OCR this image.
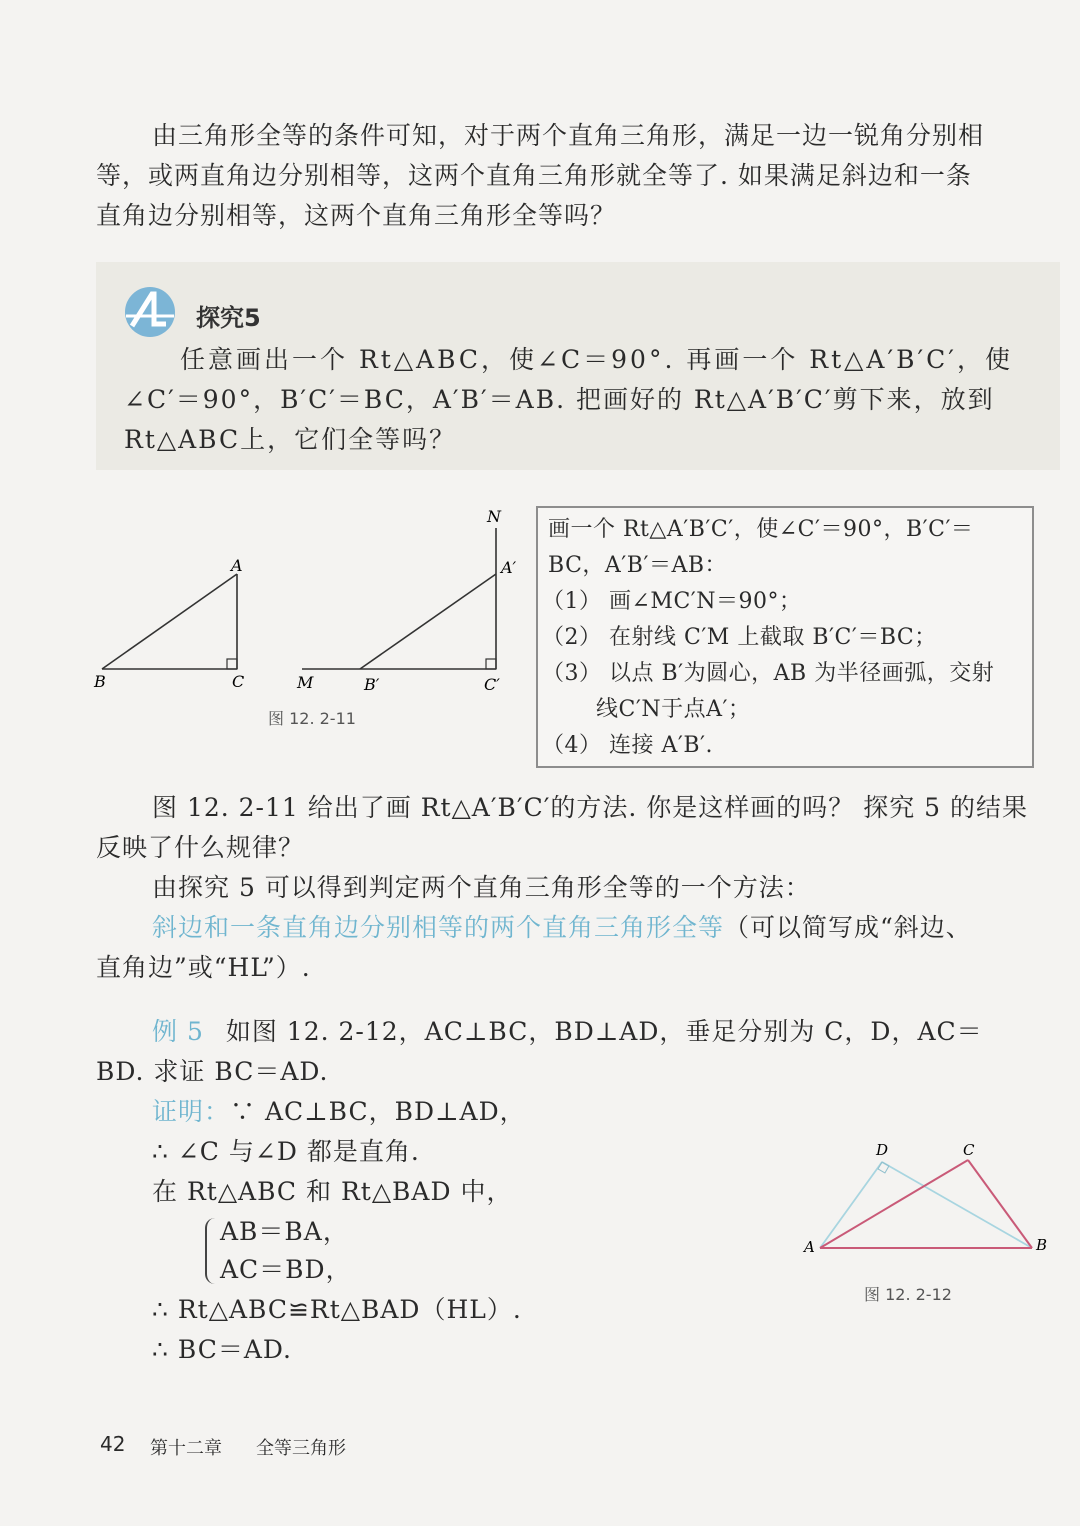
由三角形全等的条件可知，对于两个直角三角形，满足一边一锐角分别相
等，或两直角边分别相等，这两个直角三角形就全等了. 如果满足斜边和一条
直角边分别相等，这两个直角三角形全等吗？
探究5
任意画出一个 Rt△ABC，使∠C＝90°. 再画一个 Rt△A′B′C′，使
∠C′＝90°，B′C′＝BC，A′B′＝AB. 把画好的 Rt△A′B′C′剪下来，放到
Rt△ABC上，它们全等吗？
A
B	C
N
A′
M	B′	C′
图 12. 2-11
画一个 Rt△A′B′C′，使∠C′＝90°，B′C′＝
BC，A′B′＝AB：
（1） 画∠MC′N＝90°；
（2） 在射线 C′M 上截取 B′C′＝BC；
（3） 以点 B′为圆心，AB 为半径画弧，交射
线C′N于点A′；
（4） 连接 A′B′.
图 12. 2-11 给出了画 Rt△A′B′C′的方法. 你是这样画的吗？ 探究 5 的结果
反映了什么规律？
由探究 5 可以得到判定两个直角三角形全等的一个方法：
斜边和一条直角边分别相等的两个直角三角形全等（可以简写成“斜边、
直角边”或“HL”）.
例 5 如图 12. 2-12，AC⊥BC，BD⊥AD，垂足分别为 C，D，AC＝
BD. 求证 BC＝AD.
证明：∵ AC⊥BC，BD⊥AD，
∴ ∠C 与∠D 都是直角.
在 Rt△ABC 和 Rt△BAD 中，
AB＝BA，
AC＝BD，
∴ Rt△ABC≌Rt△BAD（HL）.
∴ BC＝AD.
D	C
A	B
图 12. 2-12
42 第十二章 全等三角形
